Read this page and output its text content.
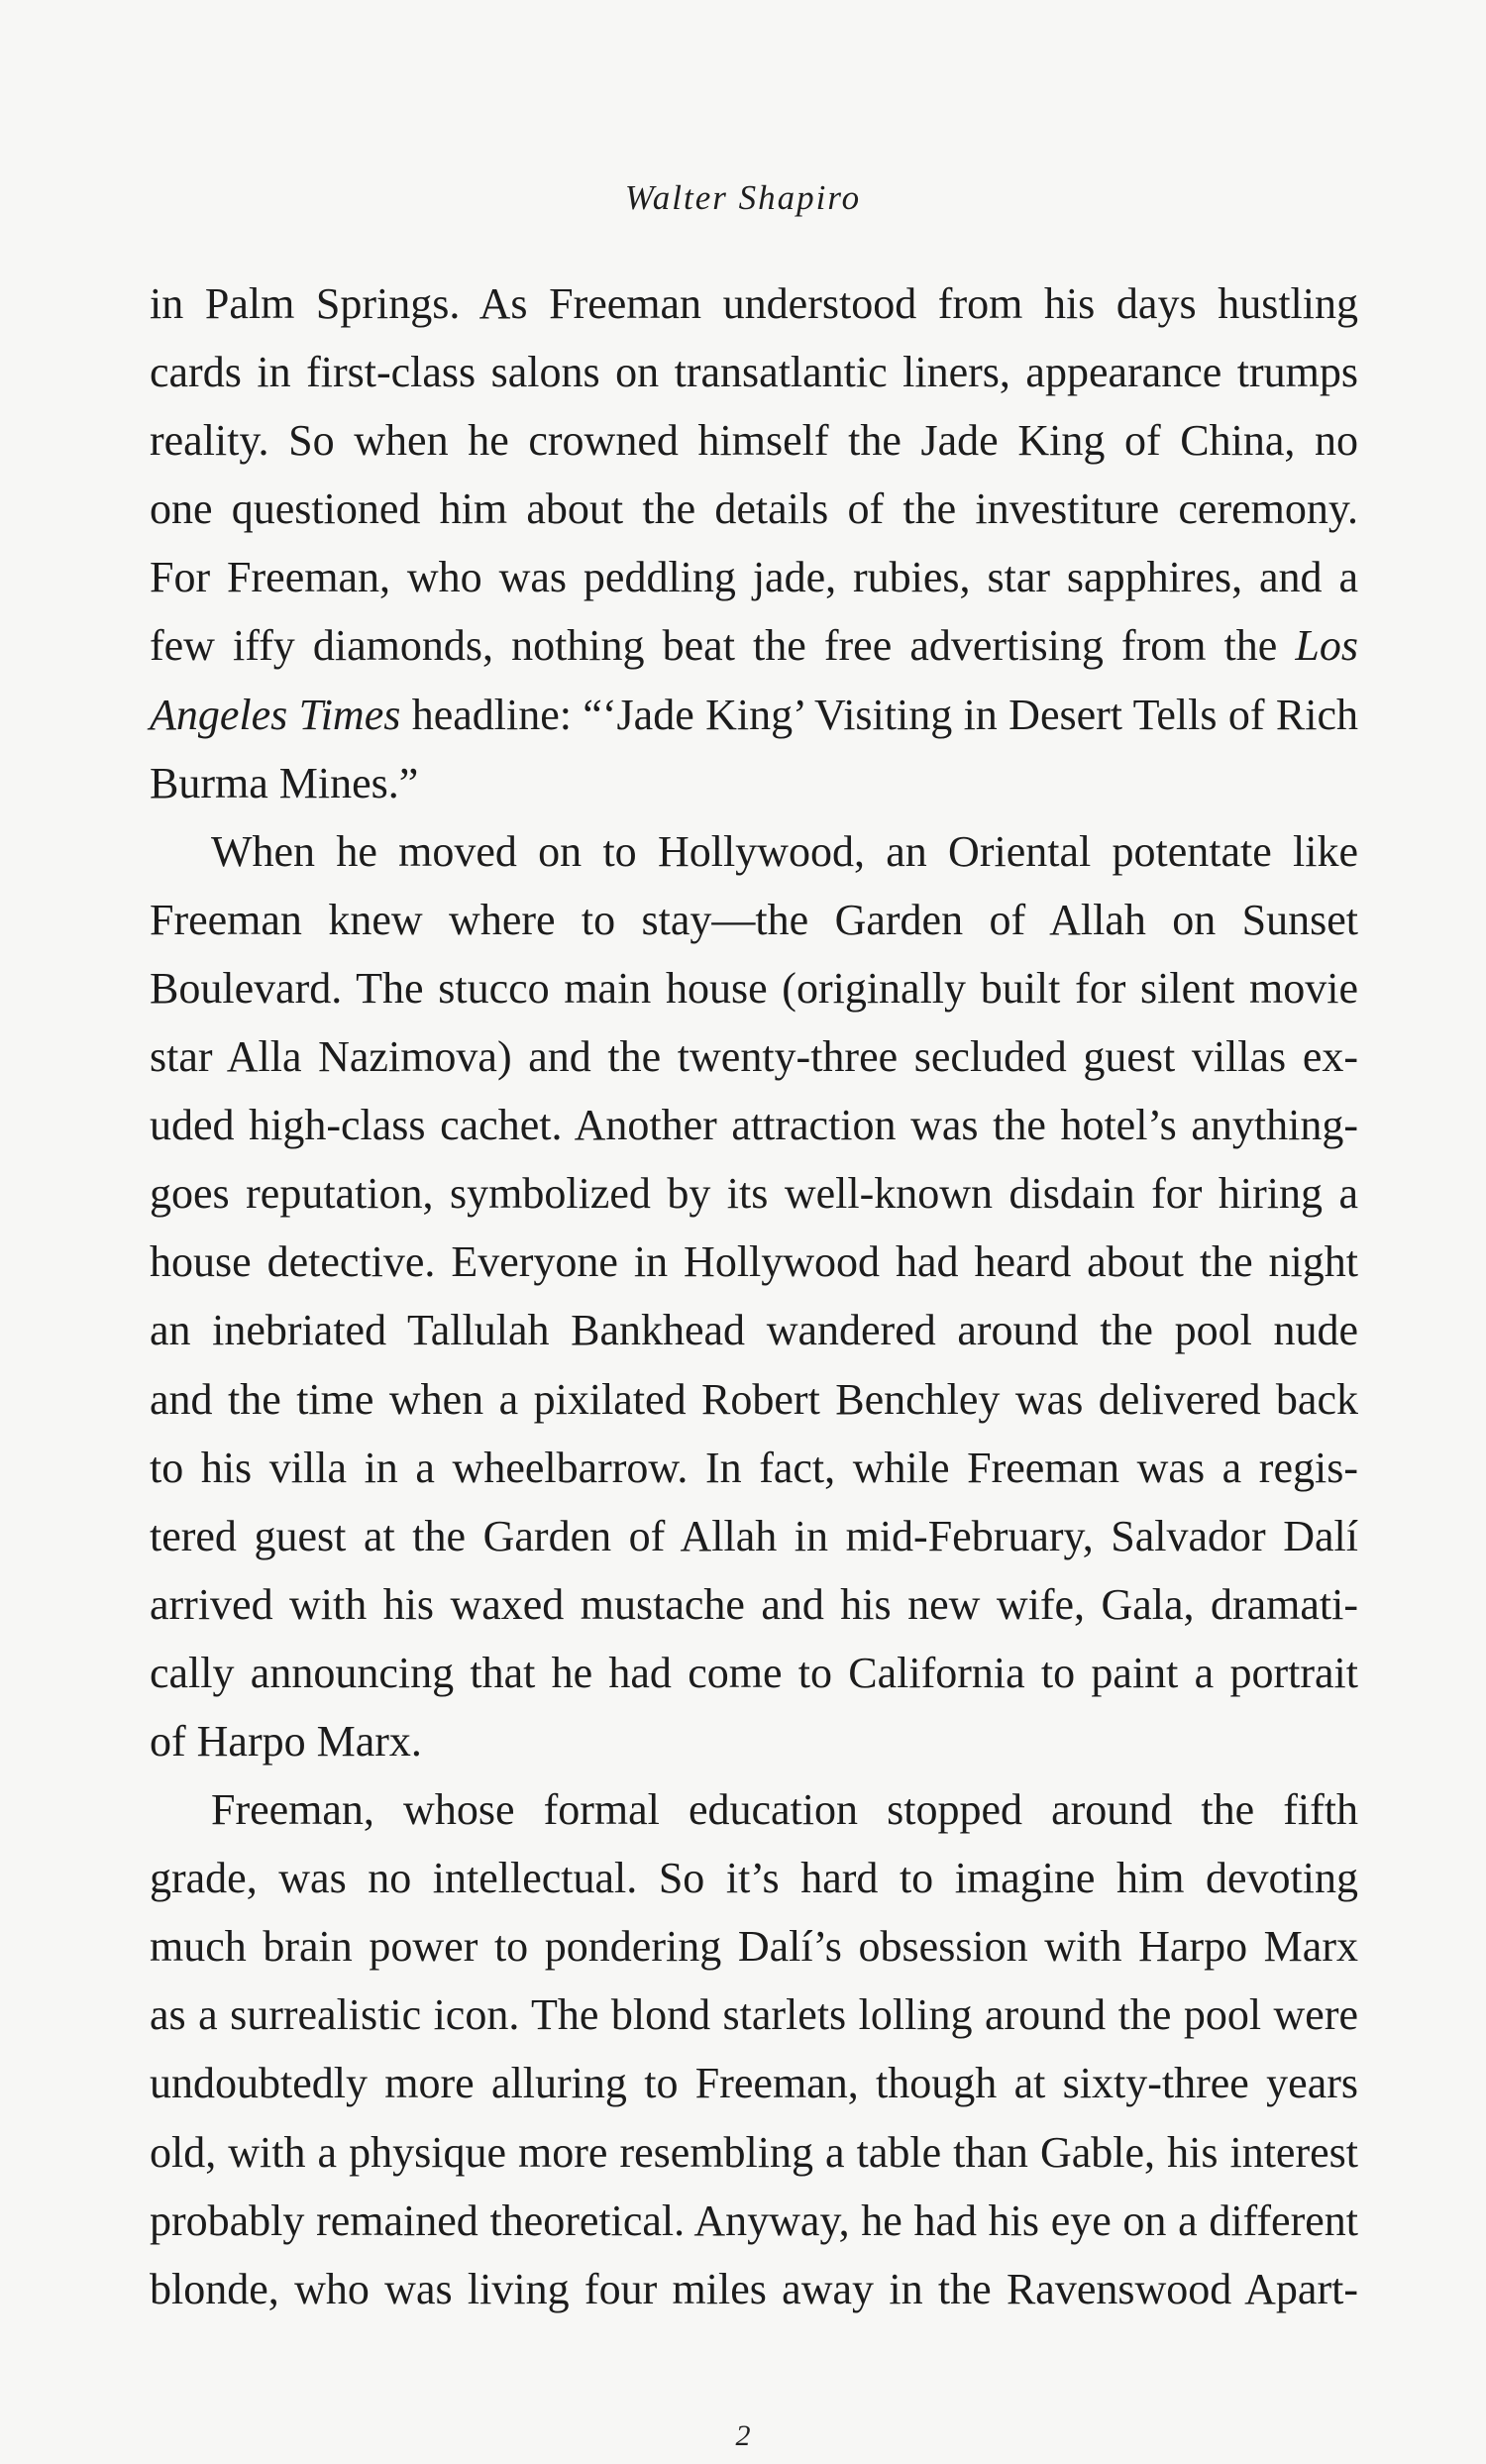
Walter Shapiro
in Palm Springs. As Freeman understood from his days hustling
cards in first-class salons on transatlantic liners, appearance trumps
reality. So when he crowned himself the Jade King of China, no
one questioned him about the details of the investiture ceremony.
For Freeman, who was peddling jade, rubies, star sapphires, and a
few iffy diamonds, nothing beat the free advertising from the Los
Angeles Times headline: “‘Jade King’ Visiting in Desert Tells of Rich
Burma Mines.”
When he moved on to Hollywood, an Oriental potentate like
Freeman knew where to stay—the Garden of Allah on Sunset
Boulevard. The stucco main house (originally built for silent movie
star Alla Nazimova) and the twenty-three secluded guest villas ex-
uded high-class cachet. Another attraction was the hotel’s anything-
goes reputation, symbolized by its well-known disdain for hiring a
house detective. Everyone in Hollywood had heard about the night
an inebriated Tallulah Bankhead wandered around the pool nude
and the time when a pixilated Robert Benchley was delivered back
to his villa in a wheelbarrow. In fact, while Freeman was a regis-
tered guest at the Garden of Allah in mid-February, Salvador Dalí
arrived with his waxed mustache and his new wife, Gala, dramati-
cally announcing that he had come to California to paint a portrait
of Harpo Marx.
Freeman, whose formal education stopped around the fifth
grade, was no intellectual. So it’s hard to imagine him devoting
much brain power to pondering Dalí’s obsession with Harpo Marx
as a surrealistic icon. The blond starlets lolling around the pool were
undoubtedly more alluring to Freeman, though at sixty-three years
old, with a physique more resembling a table than Gable, his interest
probably remained theoretical. Anyway, he had his eye on a different
blonde, who was living four miles away in the Ravenswood Apart-
2
